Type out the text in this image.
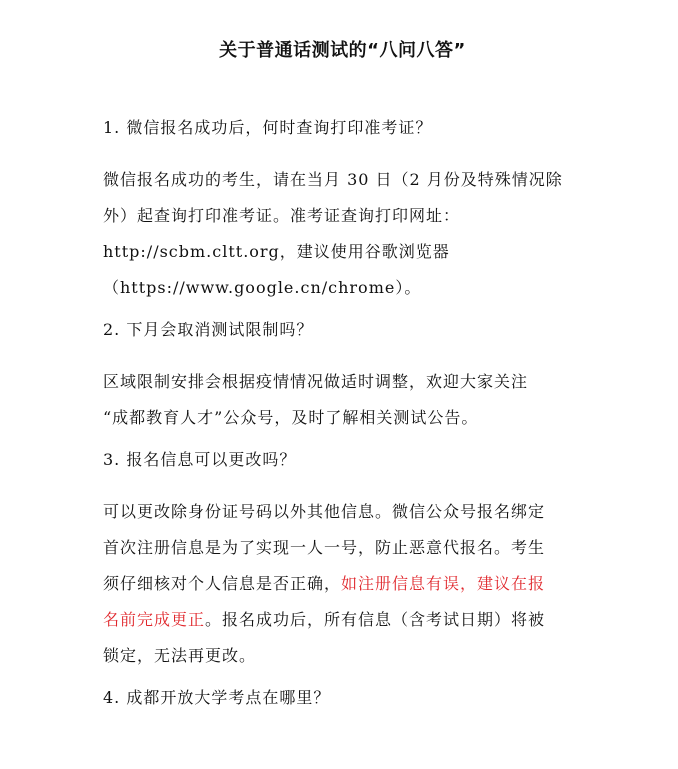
关于普通话测试的“八问八答”
1. 微信报名成功后，何时查询打印准考证？
微信报名成功的考生，请在当月 30 日（2 月份及特殊情况除
外）起查询打印准考证。准考证查询打印网址：
http://scbm.cltt.org，建议使用谷歌浏览器
（https://www.google.cn/chrome）。
2. 下月会取消测试限制吗？
区域限制安排会根据疫情情况做适时调整，欢迎大家关注
“成都教育人才”公众号，及时了解相关测试公告。
3. 报名信息可以更改吗？
可以更改除身份证号码以外其他信息。微信公众号报名绑定
首次注册信息是为了实现一人一号，防止恶意代报名。考生
须仔细核对个人信息是否正确，如注册信息有误，建议在报
名前完成更正。报名成功后，所有信息（含考试日期）将被
锁定，无法再更改。
4. 成都开放大学考点在哪里？
